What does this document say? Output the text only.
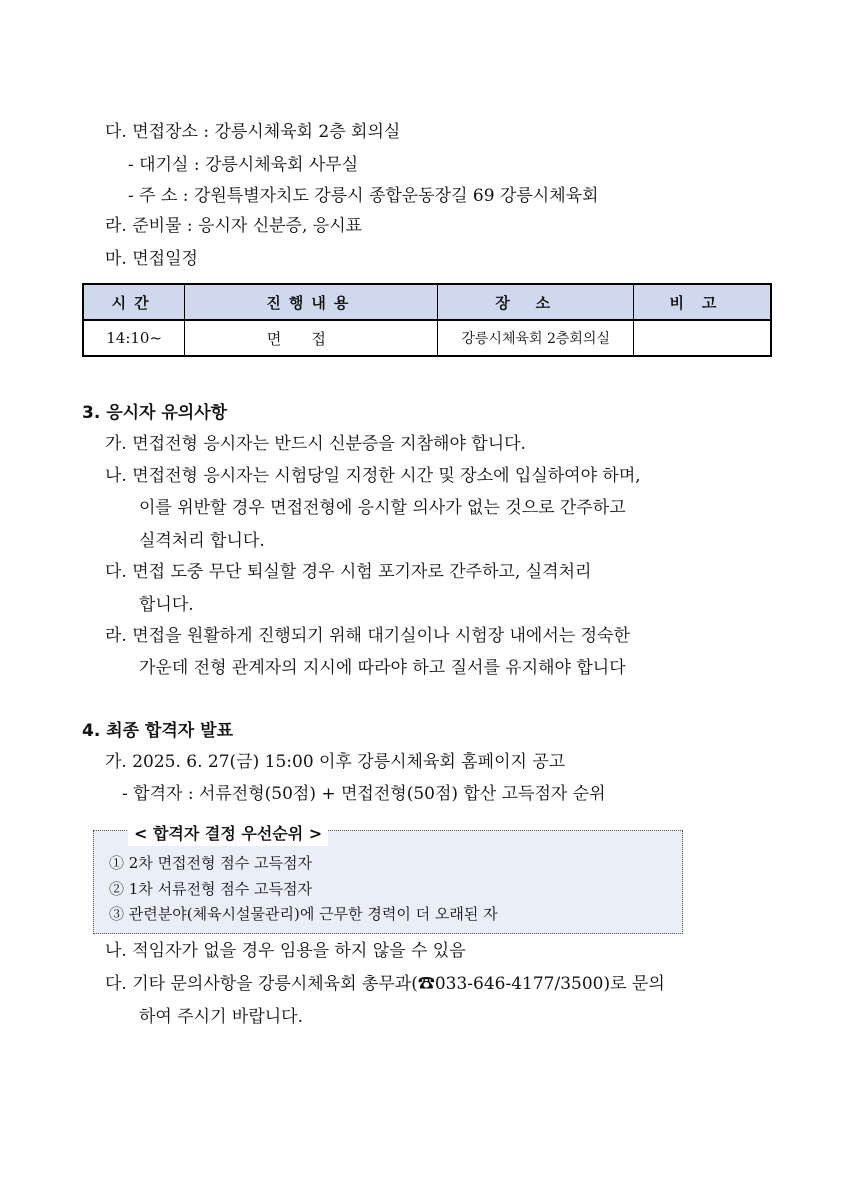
다. 면접장소 : 강릉시체육회 2층 회의실
- 대기실 : 강릉시체육회 사무실
- 주 소 : 강원특별자치도 강릉시 종합운동장길 69 강릉시체육회
라. 준비물 : 응시자 신분증, 응시표
마. 면접일정
시간	진행내용	장소	비고
14:10~	면접	강릉시체육회 2층회의실	
3. 응시자 유의사항
가. 면접전형 응시자는 반드시 신분증을 지참해야 합니다.
나. 면접전형 응시자는 시험당일 지정한 시간 및 장소에 입실하여야 하며,
이를 위반할 경우 면접전형에 응시할 의사가 없는 것으로 간주하고
실격처리 합니다.
다. 면접 도중 무단 퇴실할 경우 시험 포기자로 간주하고, 실격처리
합니다.
라. 면접을 원활하게 진행되기 위해 대기실이나 시험장 내에서는 정숙한
가운데 전형 관계자의 지시에 따라야 하고 질서를 유지해야 합니다
4. 최종 합격자 발표
가. 2025. 6. 27(금) 15:00 이후 강릉시체육회 홈페이지 공고
- 합격자 : 서류전형(50점) + 면접전형(50점) 합산 고득점자 순위
< 합격자 결정 우선순위 >
① 2차 면접전형 점수 고득점자
② 1차 서류전형 점수 고득점자
③ 관련분야(체육시설물관리)에 근무한 경력이 더 오래된 자
나. 적임자가 없을 경우 임용을 하지 않을 수 있음
다. 기타 문의사항을 강릉시체육회 총무과(☎033-646-4177/3500)로 문의
하여 주시기 바랍니다.
